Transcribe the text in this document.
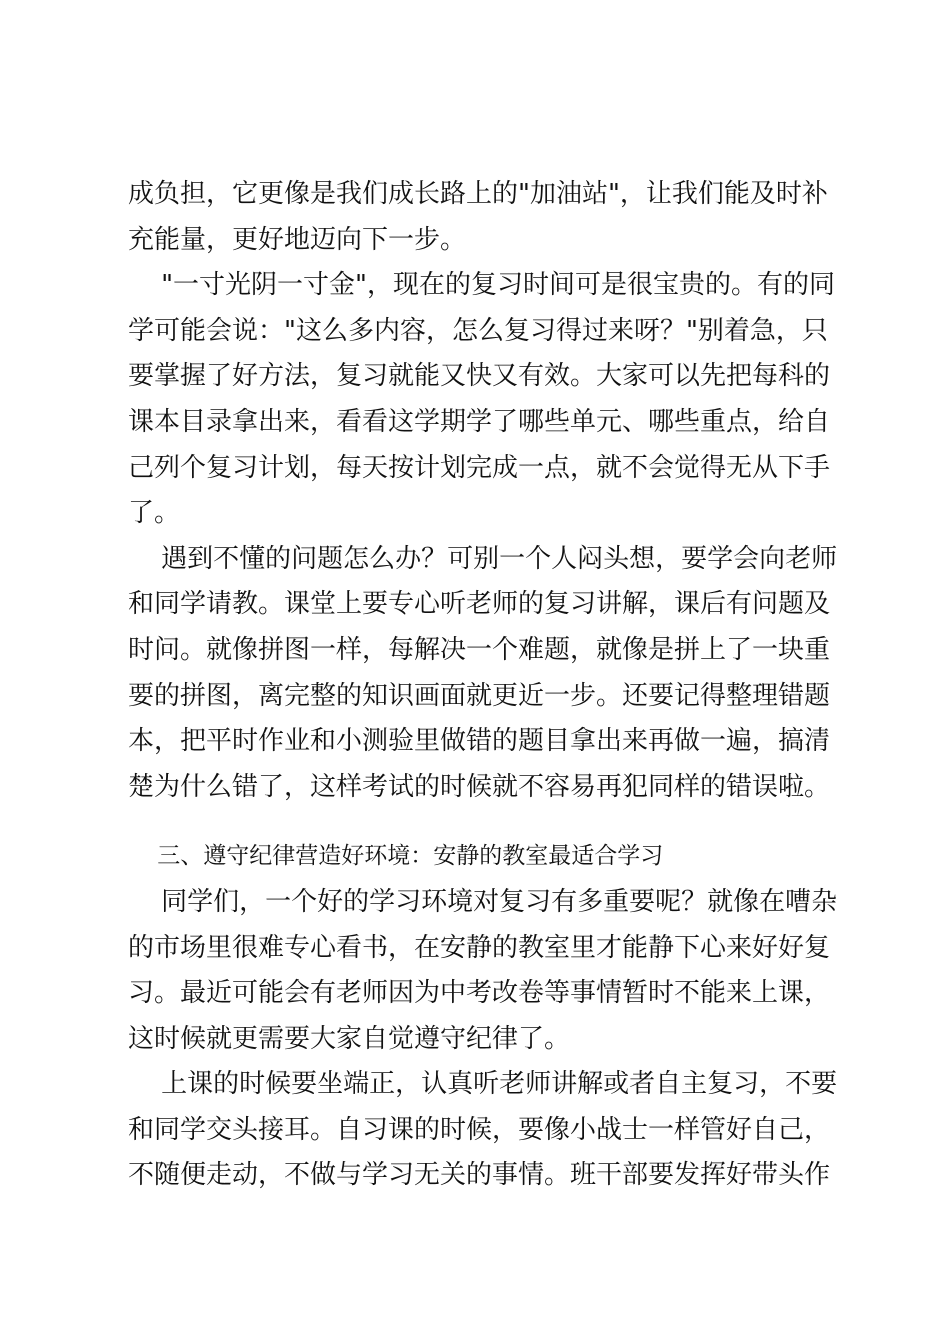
成负担，它更像是我们成长路上的"加油站"，让我们能及时补充能量，更好地迈向下一步。

"一寸光阴一寸金"，现在的复习时间可是很宝贵的。有的同学可能会说："这么多内容，怎么复习得过来呀？"别着急，只要掌握了好方法，复习就能又快又有效。大家可以先把每科的课本目录拿出来，看看这学期学了哪些单元、哪些重点，给自己列个复习计划，每天按计划完成一点，就不会觉得无从下手了。

遇到不懂的问题怎么办？可别一个人闷头想，要学会向老师和同学请教。课堂上要专心听老师的复习讲解，课后有问题及时问。就像拼图一样，每解决一个难题，就像是拼上了一块重要的拼图，离完整的知识画面就更近一步。还要记得整理错题本，把平时作业和小测验里做错的题目拿出来再做一遍，搞清楚为什么错了，这样考试的时候就不容易再犯同样的错误啦。

三、遵守纪律营造好环境：安静的教室最适合学习

同学们，一个好的学习环境对复习有多重要呢？就像在嘈杂的市场里很难专心看书，在安静的教室里才能静下心来好好复习。最近可能会有老师因为中考改卷等事情暂时不能来上课，这时候就更需要大家自觉遵守纪律了。

上课的时候要坐端正，认真听老师讲解或者自主复习，不要和同学交头接耳。自习课的时候，要像小战士一样管好自己，不随便走动，不做与学习无关的事情。班干部要发挥好带头作
